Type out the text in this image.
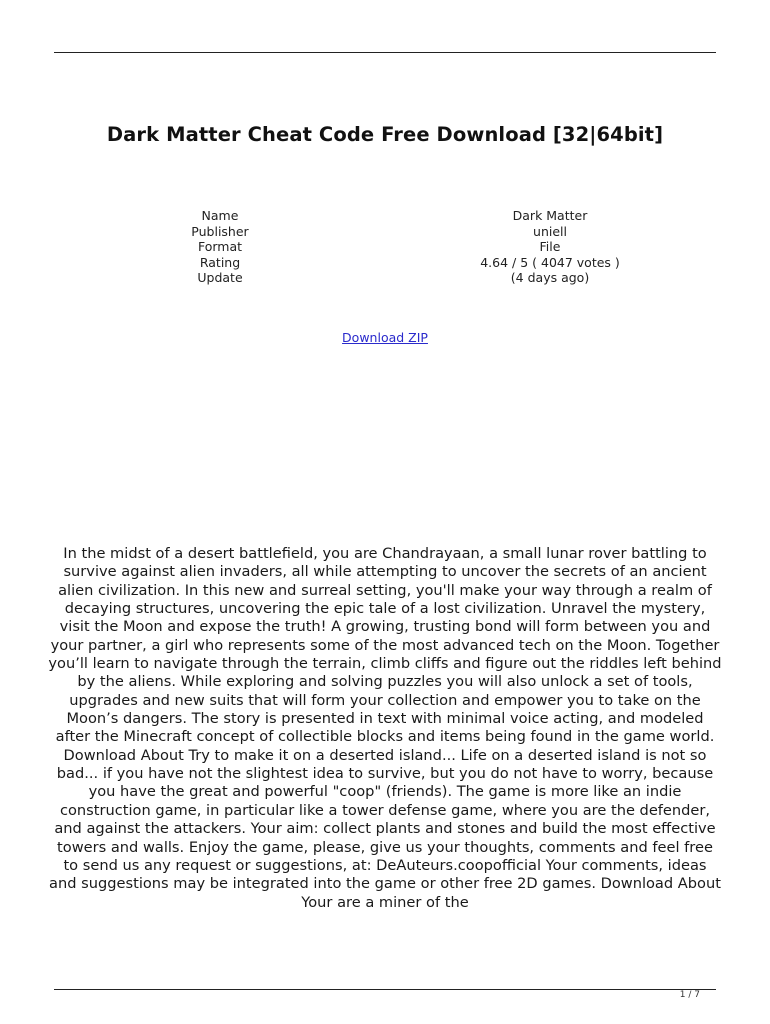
Dark Matter Cheat Code Free Download [32|64bit]
Name	Dark Matter
Publisher	uniell
Format	File
Rating	4.64 / 5 ( 4047 votes )
Update	(4 days ago)
Download ZIP

In the midst of a desert battlefield, you are Chandrayaan, a small lunar rover battling to survive against alien invaders, all while attempting to uncover the secrets of an ancient alien civilization. In this new and surreal setting, you'll make your way through a realm of decaying structures, uncovering the epic tale of a lost civilization. Unravel the mystery, visit the Moon and expose the truth! A growing, trusting bond will form between you and your partner, a girl who represents some of the most advanced tech on the Moon. Together you’ll learn to navigate through the terrain, climb cliffs and figure out the riddles left behind by the aliens. While exploring and solving puzzles you will also unlock a set of tools, upgrades and new suits that will form your collection and empower you to take on the Moon’s dangers. The story is presented in text with minimal voice acting, and modeled after the Minecraft concept of collectible blocks and items being found in the game world. Download About Try to make it on a deserted island... Life on a deserted island is not so bad... if you have not the slightest idea to survive, but you do not have to worry, because you have the great and powerful "coop" (friends). The game is more like an indie construction game, in particular like a tower defense game, where you are the defender, and against the attackers. Your aim: collect plants and stones and build the most effective towers and walls. Enjoy the game, please, give us your thoughts, comments and feel free to send us any request or suggestions, at: DeAuteurs.coopofficial Your comments, ideas and suggestions may be integrated into the game or other free 2D games. Download About Your are a miner of the

1 / 7
